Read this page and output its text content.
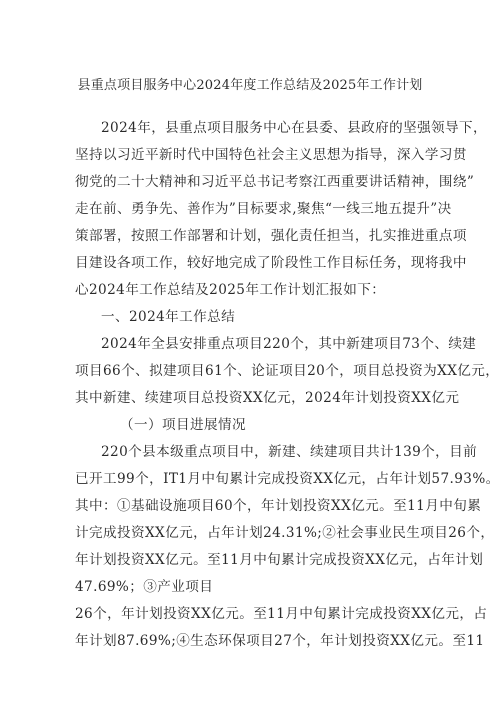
县重点项目服务中心2024年度工作总结及2025年工作计划
2024年，县重点项目服务中心在县委、县政府的坚强领导下，
坚持以习近平新时代中国特色社会主义思想为指导，深入学习贯
彻党的二十大精神和习近平总书记考察江西重要讲话精神，围绕”
走在前、勇争先、善作为”目标要求,聚焦“一线三地五提升”决
策部署，按照工作部署和计划，强化责任担当，扎实推进重点项
目建设各项工作，较好地完成了阶段性工作目标任务，现将我中
心2024年工作总结及2025年工作计划汇报如下：
一、2024年工作总结
2024年全县安排重点项目220个，其中新建项目73个、续建
项目66个、拟建项目61个、论证项目20个，项目总投资为XX亿元，
其中新建、续建项目总投资XX亿元，2024年计划投资XX亿元
（一）项目进展情况
220个县本级重点项目中，新建、续建项目共计139个，目前
已开工99个，IT1月中旬累计完成投资XX亿元，占年计划57.93%。
其中：①基础设施项目60个，年计划投资XX亿元。至11月中旬累
计完成投资XX亿元，占年计划24.31%;②社会事业民生项目26个，
年计划投资XX亿元。至11月中旬累计完成投资XX亿元，占年计划
47.69%；③产业项目
26个，年计划投资XX亿元。至11月中旬累计完成投资XX亿元，占
年计划87.69%;④生态环保项目27个，年计划投资XX亿元。至11
